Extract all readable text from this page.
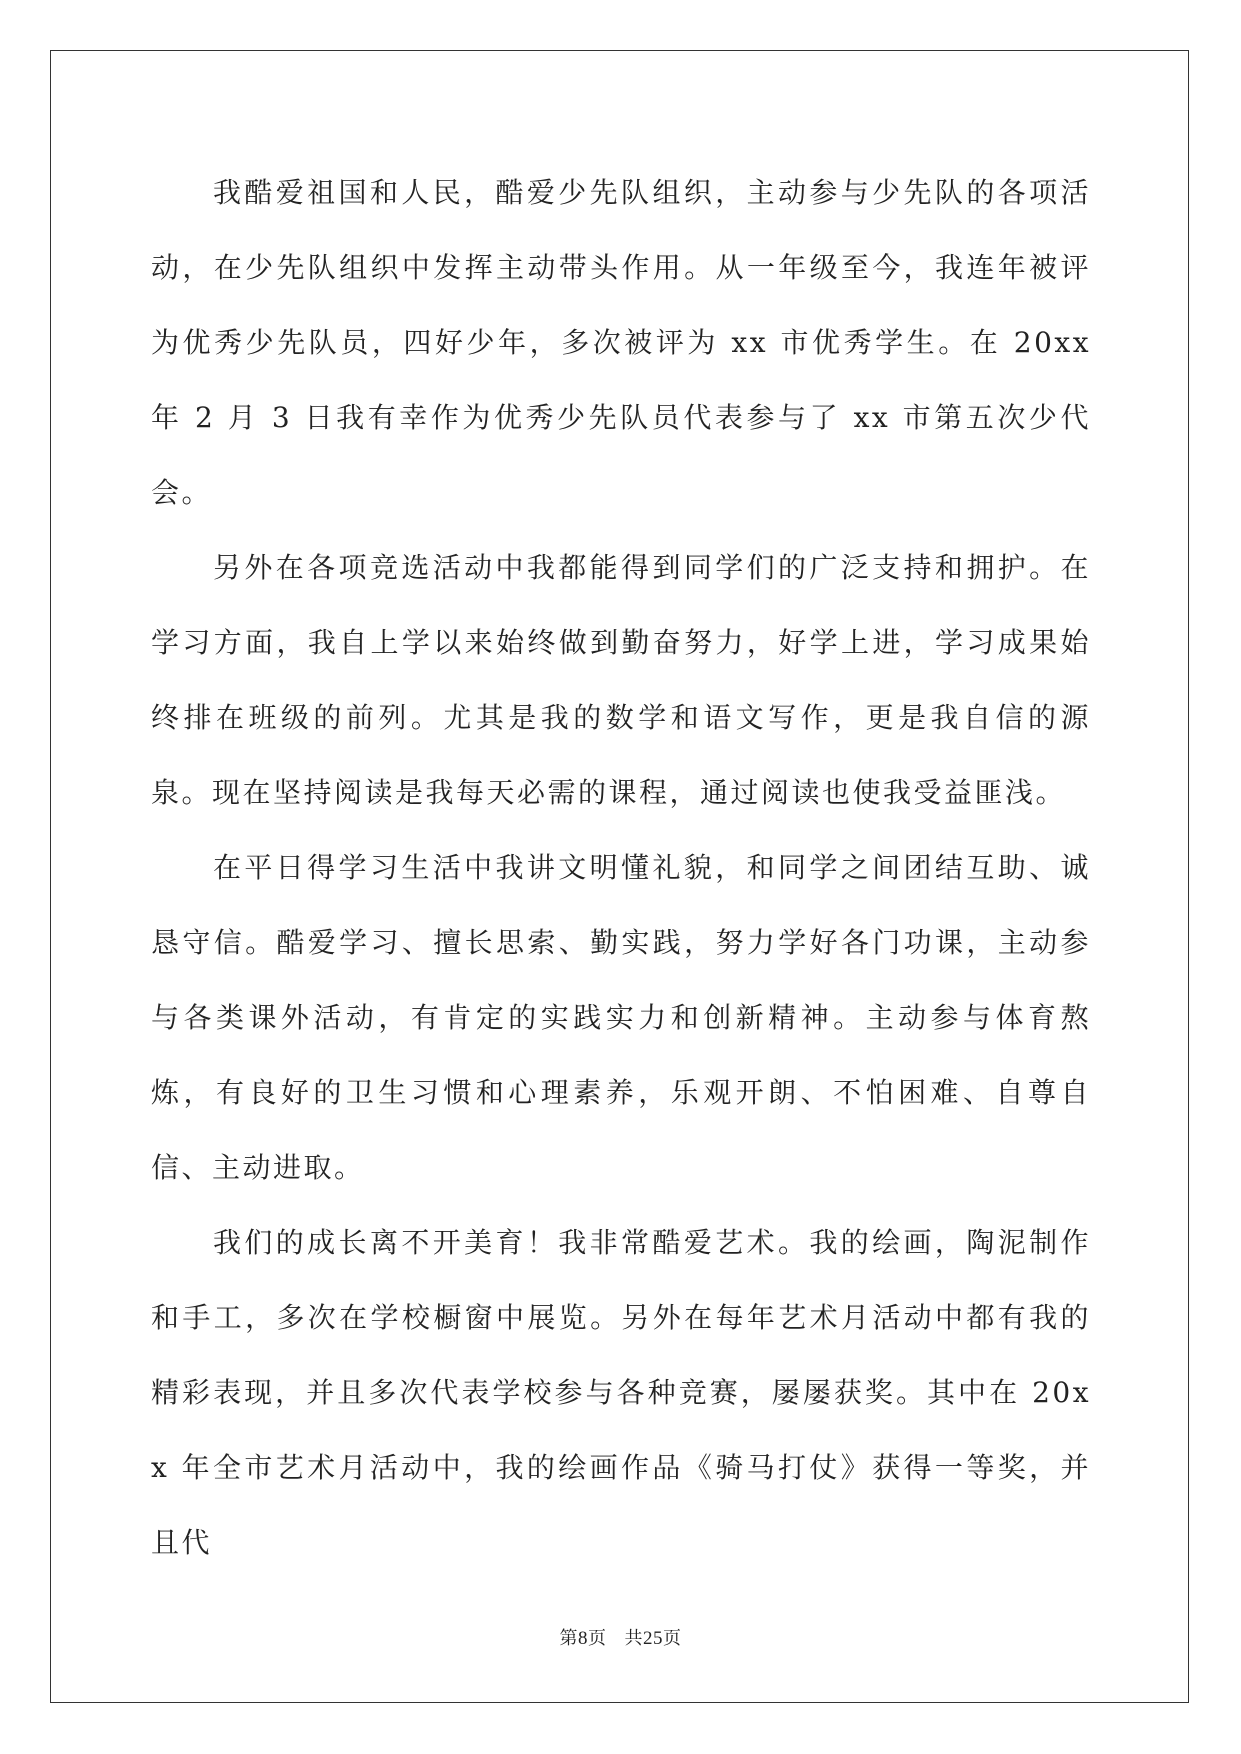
我酷爱祖国和人民，酷爱少先队组织，主动参与少先队的各项活动，在少先队组织中发挥主动带头作用。从一年级至今，我连年被评为优秀少先队员，四好少年，多次被评为 xx 市优秀学生。在 20xx 年 2 月 3 日我有幸作为优秀少先队员代表参与了 xx 市第五次少代会。

另外在各项竞选活动中我都能得到同学们的广泛支持和拥护。在学习方面，我自上学以来始终做到勤奋努力，好学上进，学习成果始终排在班级的前列。尤其是我的数学和语文写作，更是我自信的源泉。现在坚持阅读是我每天必需的课程，通过阅读也使我受益匪浅。

在平日得学习生活中我讲文明懂礼貌，和同学之间团结互助、诚恳守信。酷爱学习、擅长思索、勤实践，努力学好各门功课，主动参与各类课外活动，有肯定的实践实力和创新精神。主动参与体育熬炼，有良好的卫生习惯和心理素养，乐观开朗、不怕困难、自尊自信、主动进取。

我们的成长离不开美育！我非常酷爱艺术。我的绘画，陶泥制作和手工，多次在学校橱窗中展览。另外在每年艺术月活动中都有我的精彩表现，并且多次代表学校参与各种竞赛，屡屡获奖。其中在 20xx 年全市艺术月活动中，我的绘画作品《骑马打仗》获得一等奖，并且代

第8页 共25页
